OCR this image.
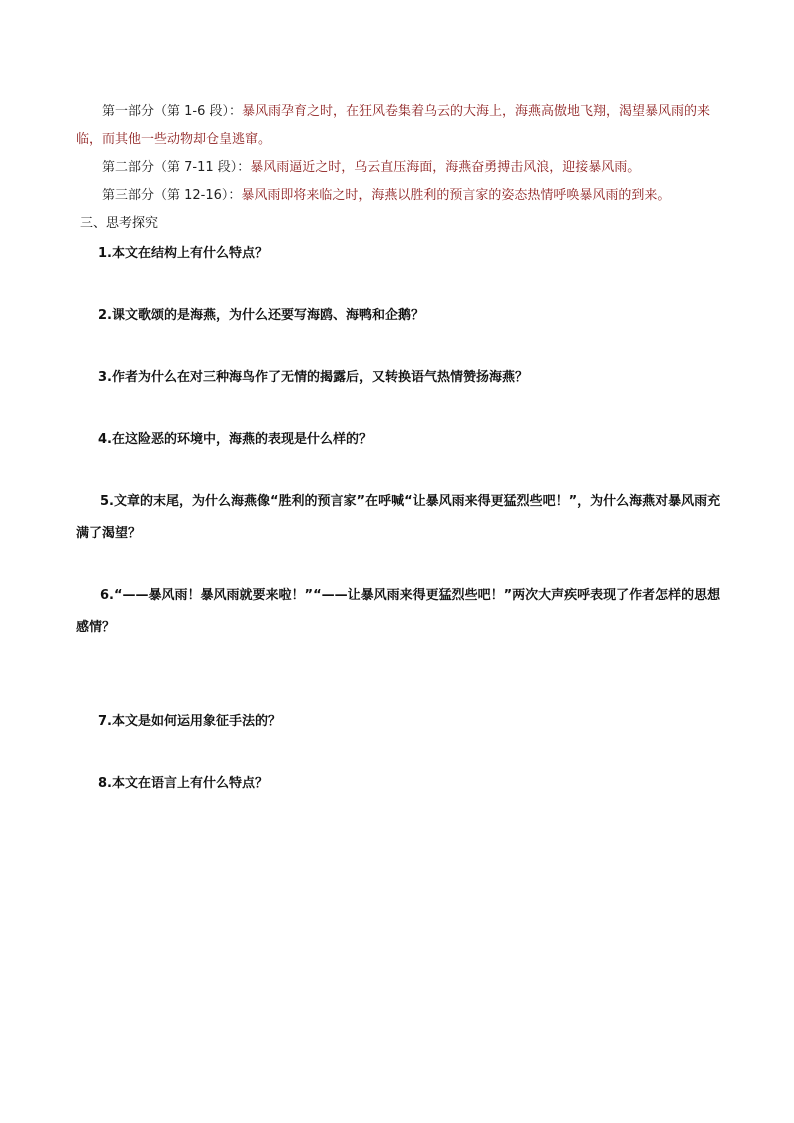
第一部分（第 1-6 段）：暴风雨孕育之时，在狂风卷集着乌云的大海上，海燕高傲地飞翔，渴望暴风雨的来临，而其他一些动物却仓皇逃窜。

第二部分（第 7-11 段）：暴风雨逼近之时，乌云直压海面，海燕奋勇搏击风浪，迎接暴风雨。

第三部分（第 12-16）：暴风雨即将来临之时，海燕以胜利的预言家的姿态热情呼唤暴风雨的到来。

三、思考探究
1.本文在结构上有什么特点？
2.课文歌颂的是海燕，为什么还要写海鸥、海鸭和企鹅？
3.作者为什么在对三种海鸟作了无情的揭露后，又转换语气热情赞扬海燕？
4.在这险恶的环境中，海燕的表现是什么样的？

5.文章的末尾，为什么海燕像“胜利的预言家”在呼喊“让暴风雨来得更猛烈些吧！”，为什么海燕对暴风雨充满了渴望？

6.“——暴风雨！暴风雨就要来啦！”“——让暴风雨来得更猛烈些吧！”两次大声疾呼表现了作者怎样的思想感情？

7.本文是如何运用象征手法的？
8.本文在语言上有什么特点？
